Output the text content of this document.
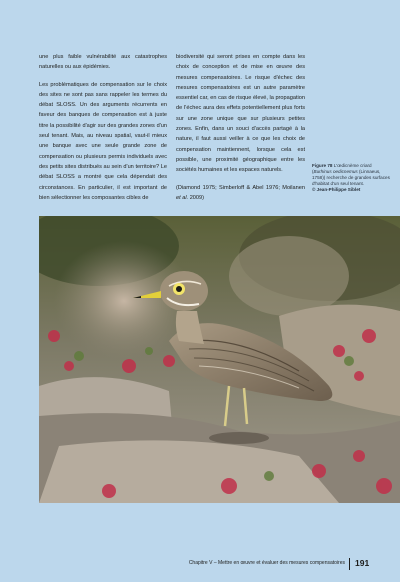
une plus faible vulnérabilité aux catastrophes naturelles ou aux épidémies.

Les problématiques de compensation sur le choix des sites ne sont pas sans rappeler les termes du débat SLOSS. Un des arguments récurrents en faveur des banques de compensation est à juste titre la possibilité d'agir sur des grandes zones d'un seul tenant. Mais, au niveau spatial, vaut-il mieux une banque avec une seule grande zone de compensation ou plusieurs permis individuels avec des petits sites distribués au sein d'un territoire? Le débat SLOSS a montré que cela dépendait des circonstances. En particulier, il est important de bien sélectionner les composantes cibles de

biodiversité qui seront prises en compte dans les choix de conception et de mise en œuvre des mesures compensatoires. Le risque d'échec des mesures compensatoires est un autre paramètre essentiel car, en cas de risque élevé, la propagation de l'échec aura des effets potentiellement plus forts sur une zone unique que sur plusieurs petites zones. Enfin, dans un souci d'accès partagé à la nature, il faut aussi veiller à ce que les choix de compensation maintiennent, lorsque cela est possible, une proximité géographique entre les sociétés humaines et les espaces naturels.

(Diamond 1975; Simberloff & Abel 1976; Moilanen et al. 2009)

Figure 78 L'œdicnème criard (Burhinus oedicnemus (Linnaeus, 1758)) recherche de grandes surfaces d'habitat d'un seul tenant.
© Jean-Philippe Siblet
Chapitre V – Mettre en œuvre et évaluer des mesures compensatoires 191
